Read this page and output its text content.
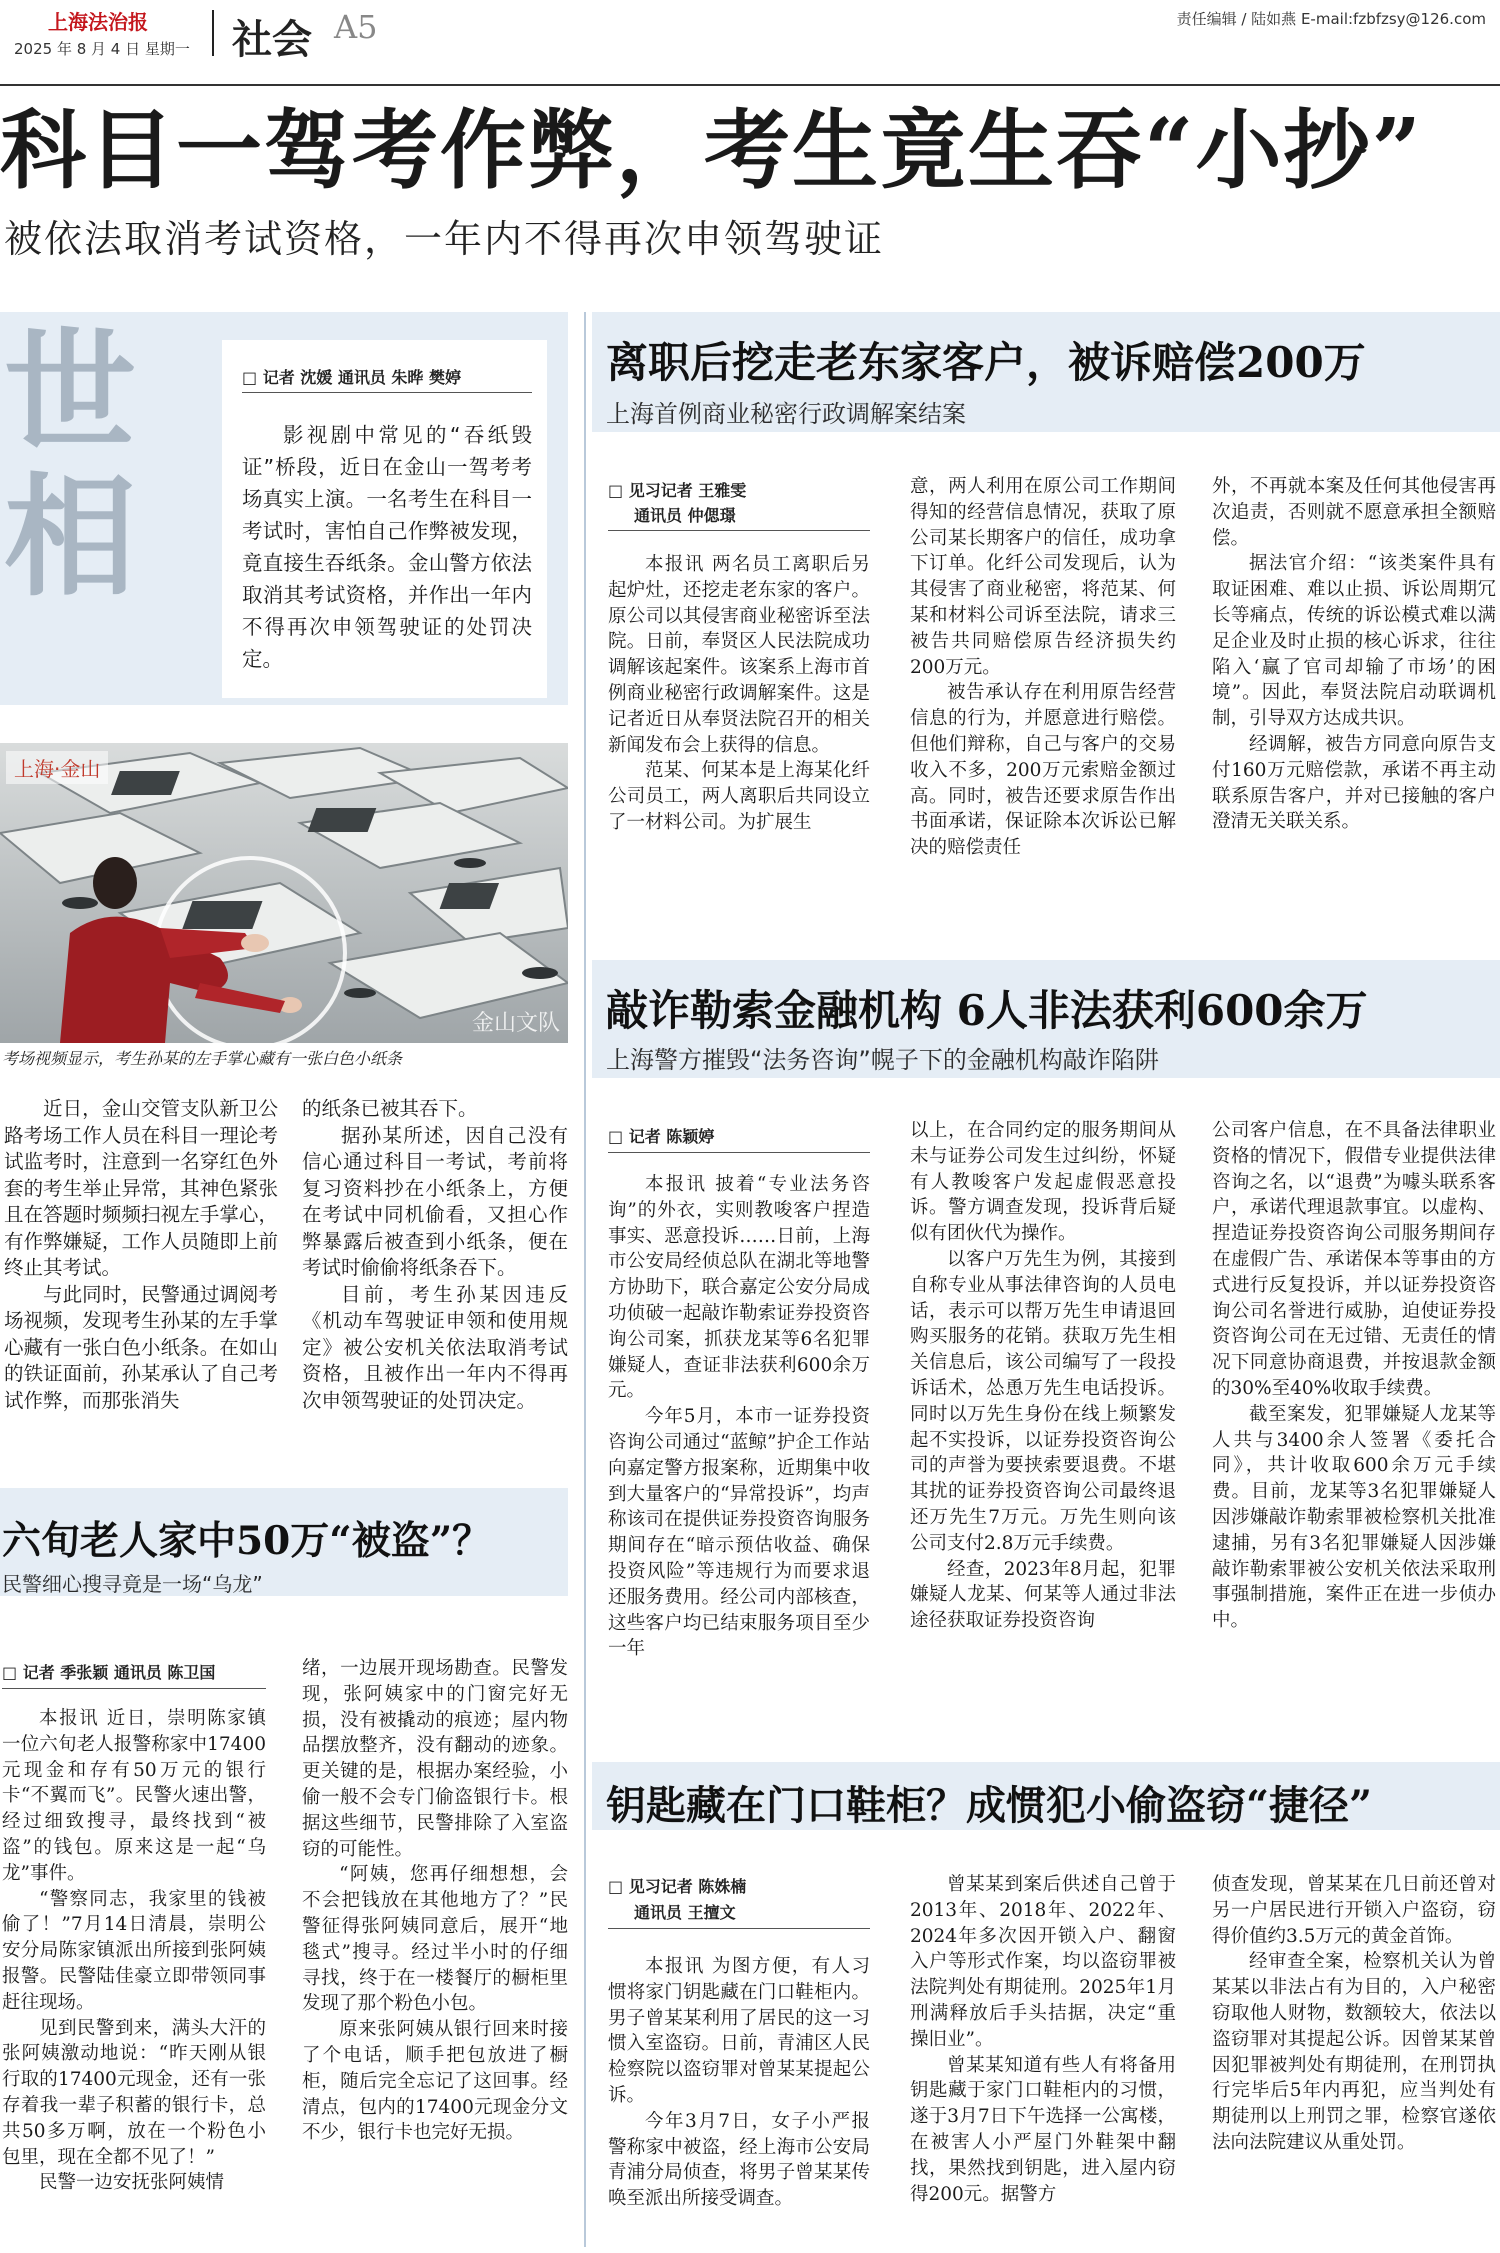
上海法治报
2025 年 8 月 4 日 星期一 社会 A5	责任编辑 / 陆如燕 E-mail:fzbfzsy@126.com
科目一驾考作弊，考生竟生吞“小抄”
被依法取消考试资格，一年内不得再次申领驾驶证
世相
□ 记者 沈媛 通讯员 朱晔 樊婷
影视剧中常见的“吞纸毁证”桥段，近日在金山一驾考考场真实上演。一名考生在科目一考试时，害怕自己作弊被发现，竟直接生吞纸条。金山警方依法取消其考试资格，并作出一年内不得再次申领驾驶证的处罚决定。
上海·金山
金山文队
考场视频显示，考生孙某的左手掌心藏有一张白色小纸条

近日，金山交管支队新卫公路考场工作人员在科目一理论考试监考时，注意到一名穿红色外套的考生举止异常，其神色紧张且在答题时频频扫视左手掌心，有作弊嫌疑，工作人员随即上前终止其考试。

与此同时，民警通过调阅考场视频，发现考生孙某的左手掌心藏有一张白色小纸条。在如山的铁证面前，孙某承认了自己考试作弊，而那张消失

的纸条已被其吞下。

据孙某所述，因自己没有信心通过科目一考试，考前将复习资料抄在小纸条上，方便在考试中同机偷看，又担心作弊暴露后被查到小纸条，便在考试时偷偷将纸条吞下。

目前，考生孙某因违反《机动车驾驶证申领和使用规定》被公安机关依法取消考试资格，且被作出一年内不得再次申领驾驶证的处罚决定。

六旬老人家中50万“被盗”？
民警细心搜寻竟是一场“乌龙”
□ 记者 季张颖 通讯员 陈卫国

本报讯 近日，崇明陈家镇一位六旬老人报警称家中17400元现金和存有50万元的银行卡“不翼而飞”。民警火速出警，经过细致搜寻，最终找到“被盗”的钱包。原来这是一起“乌龙”事件。

“警察同志，我家里的钱被偷了！”7月14日清晨，崇明公安分局陈家镇派出所接到张阿姨报警。民警陆佳豪立即带领同事赶往现场。

见到民警到来，满头大汗的张阿姨激动地说：“昨天刚从银行取的17400元现金，还有一张存着我一辈子积蓄的银行卡，总共50多万啊，放在一个粉色小包里，现在全都不见了！”

民警一边安抚张阿姨情

绪，一边展开现场勘查。民警发现，张阿姨家中的门窗完好无损，没有被撬动的痕迹；屋内物品摆放整齐，没有翻动的迹象。更关键的是，根据办案经验，小偷一般不会专门偷盗银行卡。根据这些细节，民警排除了入室盗窃的可能性。

“阿姨，您再仔细想想，会不会把钱放在其他地方了？”民警征得张阿姨同意后，展开“地毯式”搜寻。经过半小时的仔细寻找，终于在一楼餐厅的橱柜里发现了那个粉色小包。

原来张阿姨从银行回来时接了个电话，顺手把包放进了橱柜，随后完全忘记了这回事。经清点，包内的17400元现金分文不少，银行卡也完好无损。

离职后挖走老东家客户，被诉赔偿200万
上海首例商业秘密行政调解案结案
□ 见习记者 王雅雯
通讯员 仲偲璟

本报讯 两名员工离职后另起炉灶，还挖走老东家的客户。原公司以其侵害商业秘密诉至法院。日前，奉贤区人民法院成功调解该起案件。该案系上海市首例商业秘密行政调解案件。这是记者近日从奉贤法院召开的相关新闻发布会上获得的信息。

范某、何某本是上海某化纤公司员工，两人离职后共同设立了一材料公司。为扩展生

意，两人利用在原公司工作期间得知的经营信息情况，获取了原公司某长期客户的信任，成功拿下订单。化纤公司发现后，认为其侵害了商业秘密，将范某、何某和材料公司诉至法院，请求三被告共同赔偿原告经济损失约200万元。

被告承认存在利用原告经营信息的行为，并愿意进行赔偿。但他们辩称，自己与客户的交易收入不多，200万元索赔金额过高。同时，被告还要求原告作出书面承诺，保证除本次诉讼已解决的赔偿责任

外，不再就本案及任何其他侵害再次追责，否则就不愿意承担全额赔偿。

据法官介绍：“该类案件具有取证困难、难以止损、诉讼周期冗长等痛点，传统的诉讼模式难以满足企业及时止损的核心诉求，往往陷入‘赢了官司却输了市场’的困境”。因此，奉贤法院启动联调机制，引导双方达成共识。

经调解，被告方同意向原告支付160万元赔偿款，承诺不再主动联系原告客户，并对已接触的客户澄清无关联关系。

敲诈勒索金融机构 6人非法获利600余万
上海警方摧毁“法务咨询”幌子下的金融机构敲诈陷阱
□ 记者 陈颖婷

本报讯 披着“专业法务咨询”的外衣，实则教唆客户捏造事实、恶意投诉……日前，上海市公安局经侦总队在湖北等地警方协助下，联合嘉定公安分局成功侦破一起敲诈勒索证券投资咨询公司案，抓获龙某等6名犯罪嫌疑人，查证非法获利600余万元。

今年5月，本市一证券投资咨询公司通过“蓝鲸”护企工作站向嘉定警方报案称，近期集中收到大量客户的“异常投诉”，均声称该司在提供证券投资咨询服务期间存在“暗示预估收益、确保投资风险”等违规行为而要求退还服务费用。经公司内部核查，这些客户均已结束服务项目至少一年

以上，在合同约定的服务期间从未与证券公司发生过纠纷，怀疑有人教唆客户发起虚假恶意投诉。警方调查发现，投诉背后疑似有团伙代为操作。

以客户万先生为例，其接到自称专业从事法律咨询的人员电话，表示可以帮万先生申请退回购买服务的花销。获取万先生相关信息后，该公司编写了一段投诉话术，怂恿万先生电话投诉。同时以万先生身份在线上频繁发起不实投诉，以证券投资咨询公司的声誉为要挟索要退费。不堪其扰的证券投资咨询公司最终退还万先生7万元。万先生则向该公司支付2.8万元手续费。

经查，2023年8月起，犯罪嫌疑人龙某、何某等人通过非法途径获取证券投资咨询

公司客户信息，在不具备法律职业资格的情况下，假借专业提供法律咨询之名，以“退费”为噱头联系客户，承诺代理退款事宜。以虚构、捏造证券投资咨询公司服务期间存在虚假广告、承诺保本等事由的方式进行反复投诉，并以证券投资咨询公司名誉进行威胁，迫使证券投资咨询公司在无过错、无责任的情况下同意协商退费，并按退款金额的30%至40%收取手续费。

截至案发，犯罪嫌疑人龙某等人共与3400余人签署《委托合同》，共计收取600余万元手续费。目前，龙某等3名犯罪嫌疑人因涉嫌敲诈勒索罪被检察机关批准逮捕，另有3名犯罪嫌疑人因涉嫌敲诈勒索罪被公安机关依法采取刑事强制措施，案件正在进一步侦办中。

钥匙藏在门口鞋柜？成惯犯小偷盗窃“捷径”
□ 见习记者 陈姝楠
通讯员 王擅文

本报讯 为图方便，有人习惯将家门钥匙藏在门口鞋柜内。男子曾某某利用了居民的这一习惯入室盗窃。日前，青浦区人民检察院以盗窃罪对曾某某提起公诉。

今年3月7日，女子小严报警称家中被盗，经上海市公安局青浦分局侦查，将男子曾某某传唤至派出所接受调查。

曾某某到案后供述自己曾于2013年、2018年、2022年、2024年多次因开锁入户、翻窗入户等形式作案，均以盗窃罪被法院判处有期徒刑。2025年1月刑满释放后手头拮据，决定“重操旧业”。

曾某某知道有些人有将备用钥匙藏于家门口鞋柜内的习惯，遂于3月7日下午选择一公寓楼，在被害人小严屋门外鞋架中翻找，果然找到钥匙，进入屋内窃得200元。据警方

侦查发现，曾某某在几日前还曾对另一户居民进行开锁入户盗窃，窃得价值约3.5万元的黄金首饰。

经审查全案，检察机关认为曾某某以非法占有为目的，入户秘密窃取他人财物，数额较大，依法以盗窃罪对其提起公诉。因曾某某曾因犯罪被判处有期徒刑，在刑罚执行完毕后5年内再犯，应当判处有期徒刑以上刑罚之罪，检察官遂依法向法院建议从重处罚。
